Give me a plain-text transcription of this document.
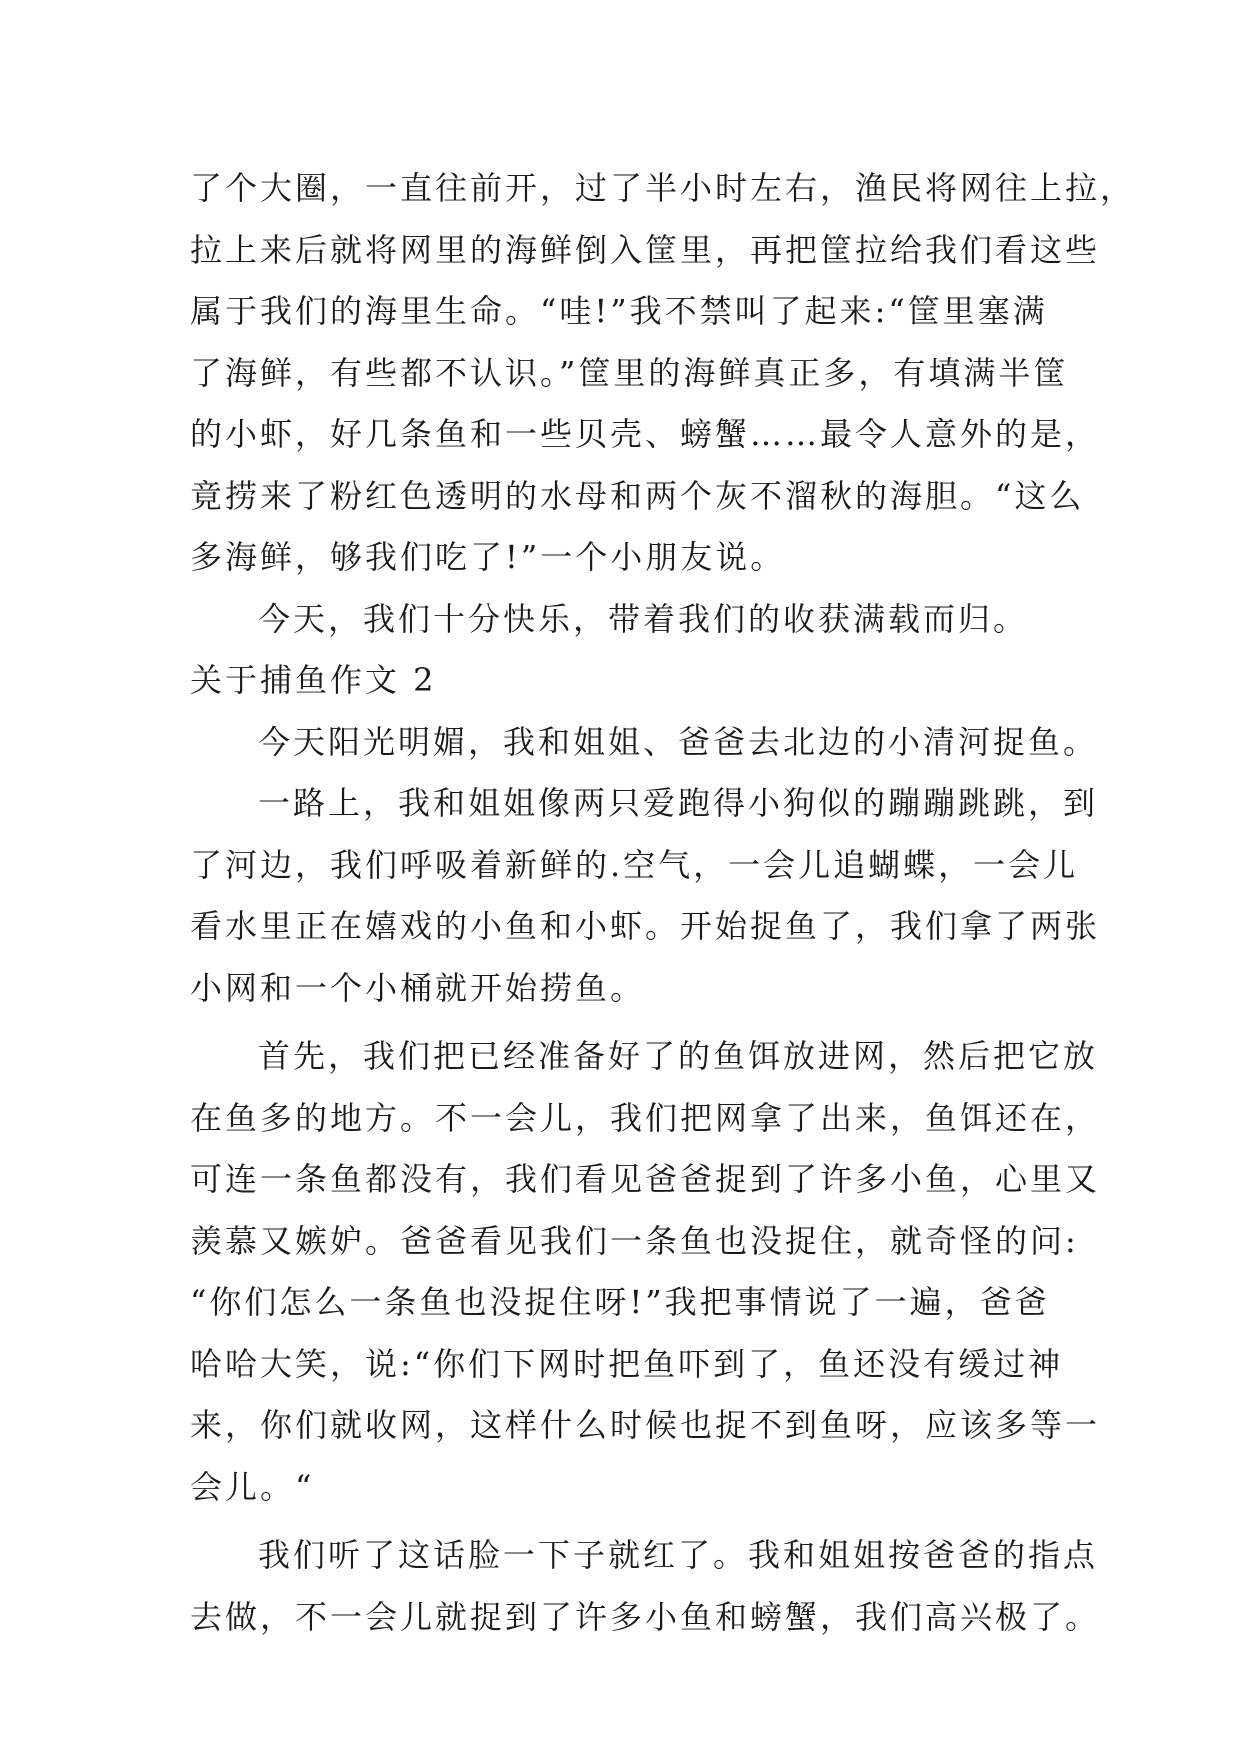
了个大圈，一直往前开，过了半小时左右，渔民将网往上拉，
拉上来后就将网里的海鲜倒入筐里，再把筐拉给我们看这些
属于我们的海里生命。“哇!”我不禁叫了起来:“筐里塞满
了海鲜，有些都不认识。”筐里的海鲜真正多，有填满半筐
的小虾，好几条鱼和一些贝壳、螃蟹……最令人意外的是，
竟捞来了粉红色透明的水母和两个灰不溜秋的海胆。“这么
多海鲜，够我们吃了!”一个小朋友说。
今天，我们十分快乐，带着我们的收获满载而归。
关于捕鱼作文 2
今天阳光明媚，我和姐姐、爸爸去北边的小清河捉鱼。
一路上，我和姐姐像两只爱跑得小狗似的蹦蹦跳跳，到
了河边，我们呼吸着新鲜的.空气，一会儿追蝴蝶，一会儿
看水里正在嬉戏的小鱼和小虾。开始捉鱼了，我们拿了两张
小网和一个小桶就开始捞鱼。
首先，我们把已经准备好了的鱼饵放进网，然后把它放
在鱼多的地方。不一会儿，我们把网拿了出来，鱼饵还在，
可连一条鱼都没有，我们看见爸爸捉到了许多小鱼，心里又
羡慕又嫉妒。爸爸看见我们一条鱼也没捉住，就奇怪的问:
“你们怎么一条鱼也没捉住呀!”我把事情说了一遍，爸爸
哈哈大笑，说:“你们下网时把鱼吓到了，鱼还没有缓过神
来，你们就收网，这样什么时候也捉不到鱼呀，应该多等一
会儿。“
我们听了这话脸一下子就红了。我和姐姐按爸爸的指点
去做，不一会儿就捉到了许多小鱼和螃蟹，我们高兴极了。
